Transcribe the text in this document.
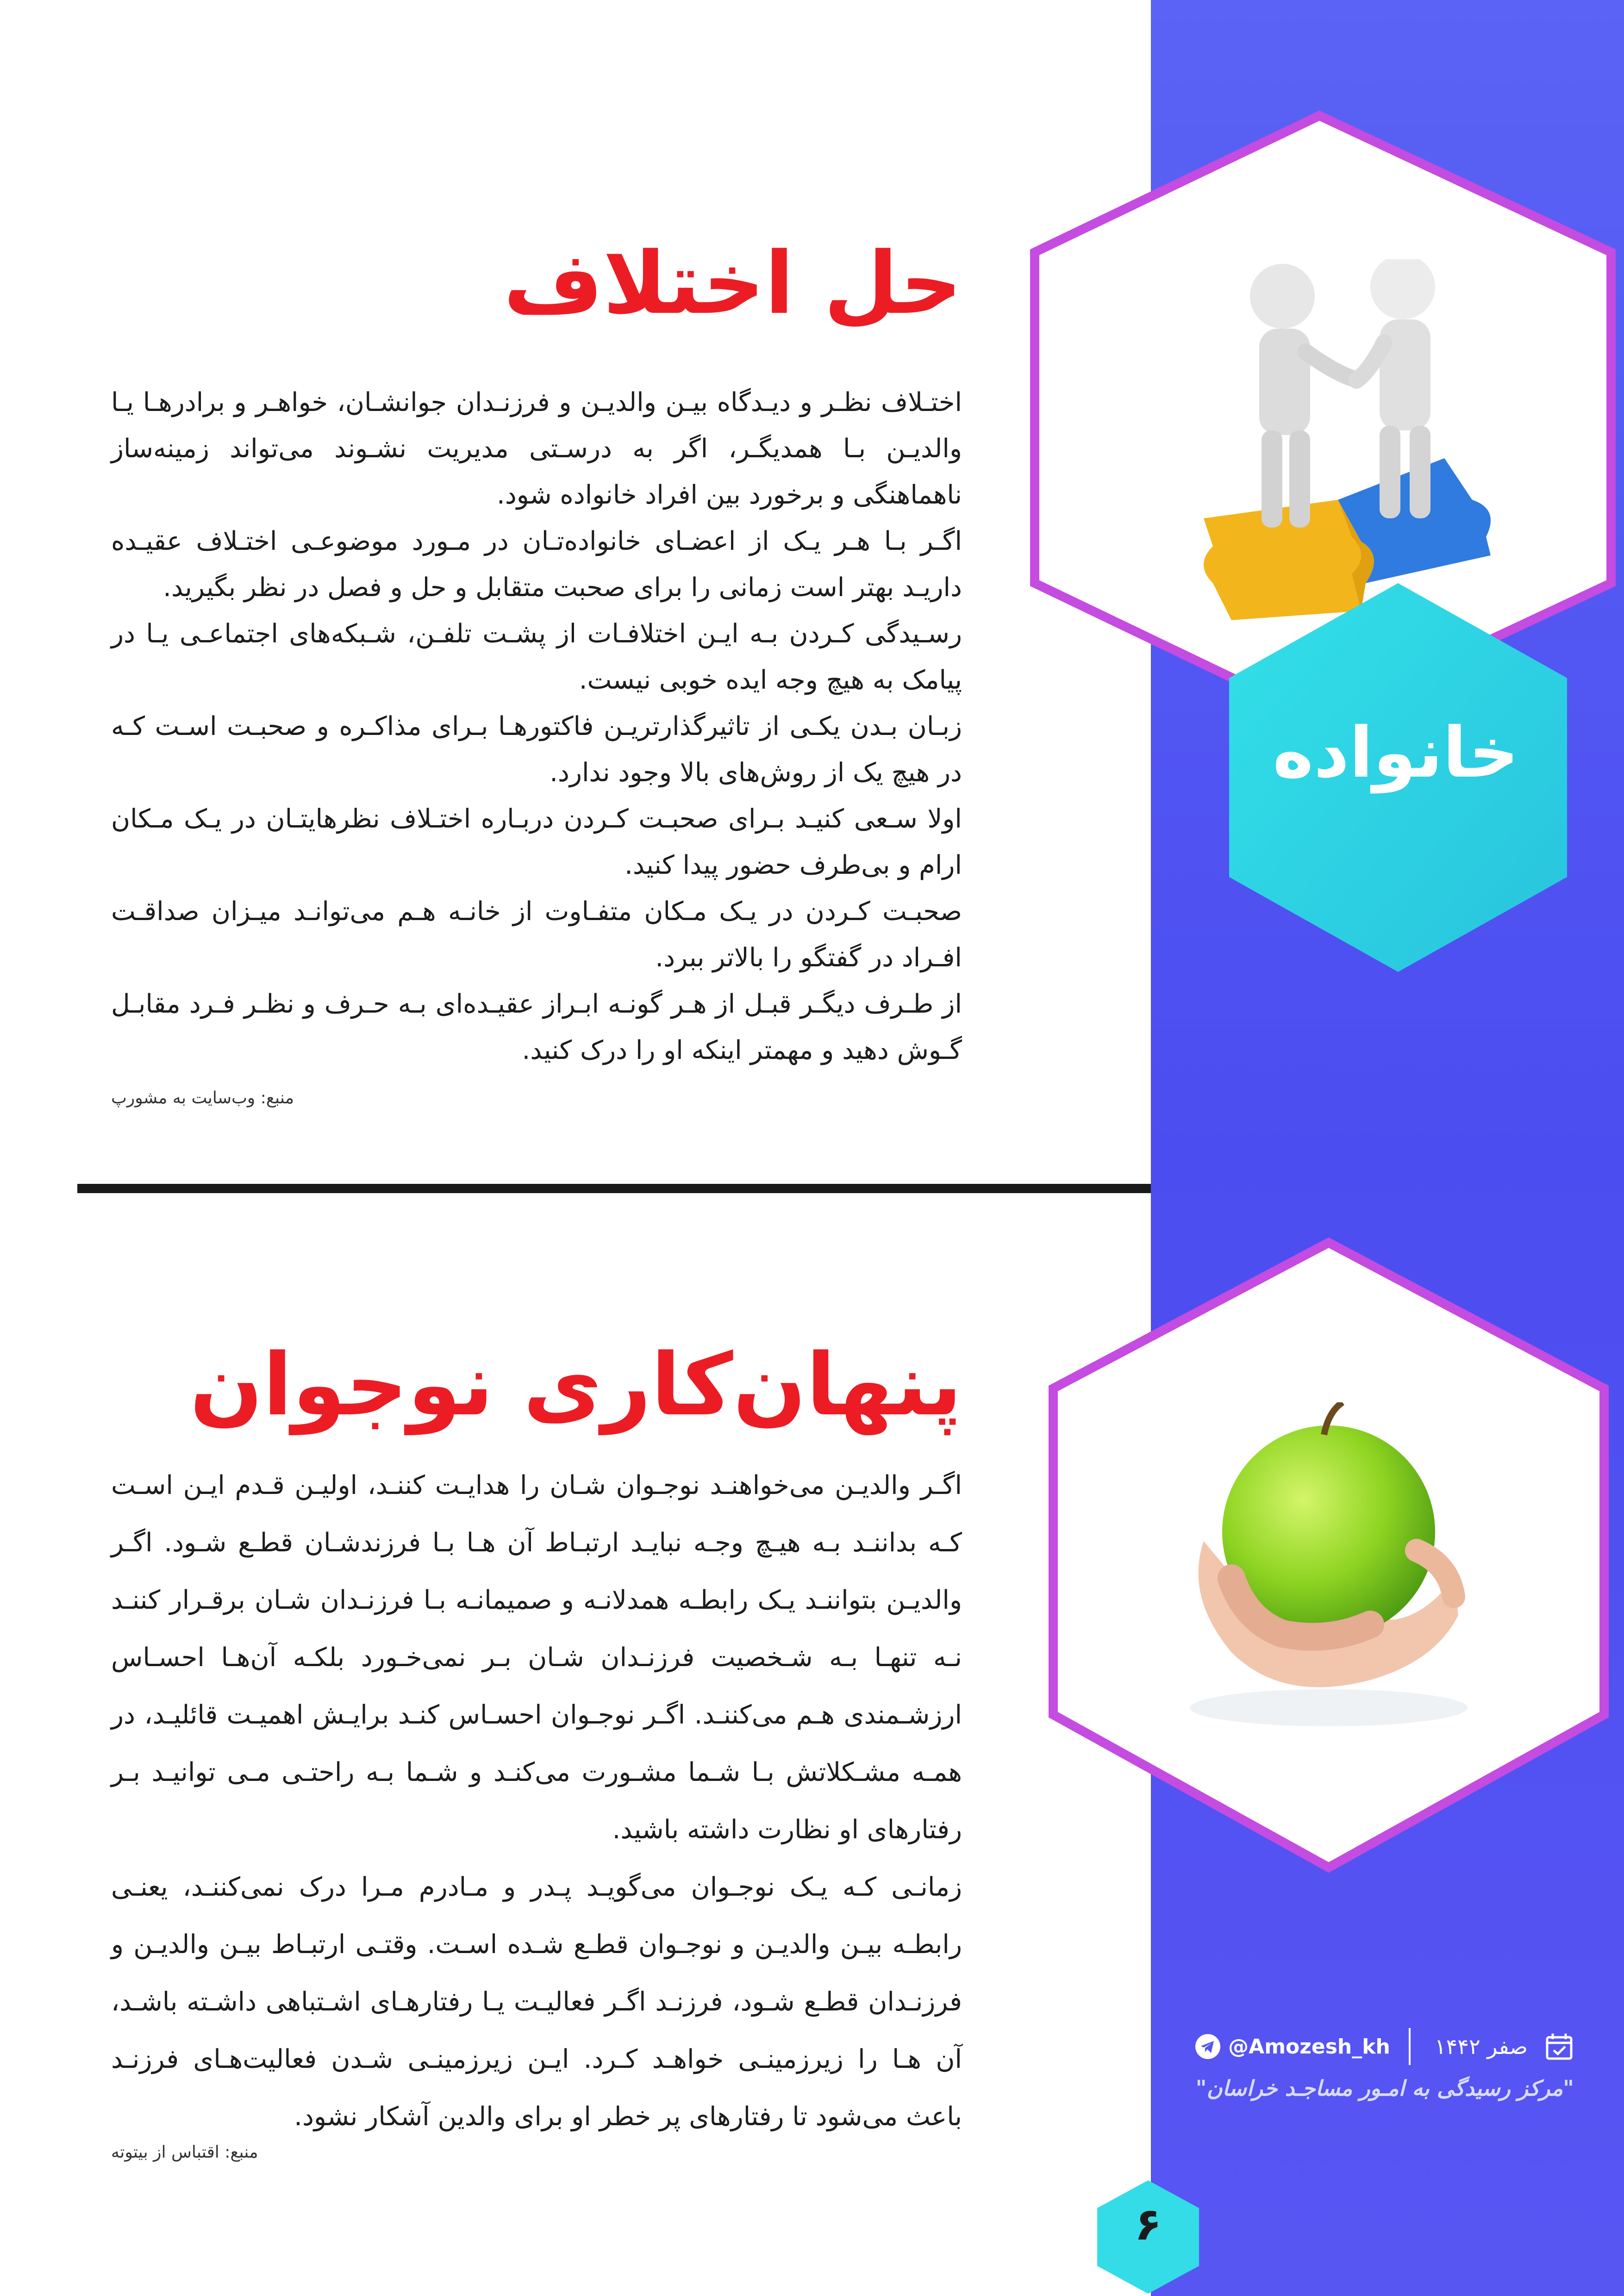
خانواده
حل اختلاف

اختـلاف نظـر و دیـدگاه بیـن والدیـن و فرزنـدان جوانشـان، خواهـر و برادرهـا یـا والدیـن بـا همدیگـر، اگر به درسـتی مدیریت نشـوند می‌تواند زمینه‌ساز ناهماهنگی و برخورد بین افراد خانواده شود.

اگـر بـا هـر یـک از اعضـای خانواده‌تـان در مـورد موضوعـی اختـلاف عقیـده داریـد بهتر است زمانی را برای صحبت متقابل و حل و فصل در نظر بگیرید.

رسـیدگی کـردن بـه ایـن اختلافـات از پشـت تلفـن، شـبکه‌های اجتماعـی یـا در پیامک به هیچ وجه ایده خوبی نیست.

زبـان بـدن یکـی از تاثیرگذارتریـن فاکتورهـا بـرای مذاکـره و صحبـت اسـت کـه در هیچ یک از روش‌های بالا وجود ندارد.

اولا سـعی کنیـد بـرای صحبـت کـردن دربـاره اختـلاف نظرهایتـان در یـک مـکان ارام و بی‌طرف حضور پیدا کنید.

صحبـت کـردن در یـک مـکان متفـاوت از خانـه هـم می‌توانـد میـزان صداقـت افـراد در گفتگو را بالاتر ببرد.

از طـرف دیگـر قبـل از هـر گونـه ابـراز عقیـده‌ای بـه حـرف و نظـر فـرد مقابـل گـوش دهید و مهمتر اینکه او را درک کنید.

منبع: وب‌سایت به مشورپ
پنهان‌کاری نوجوان

اگـر والدیـن می‌خواهنـد نوجـوان شـان را هدایـت کننـد، اولیـن قـدم ایـن اسـت کـه بداننـد بـه هیـچ وجـه نبایـد ارتبـاط آن هـا بـا فرزندشـان قطـع شـود. اگـر والدیـن بتواننـد یـک رابطـه همدلانـه و صمیمانـه بـا فرزنـدان شـان برقـرار کننـد نـه تنهـا بـه شـخصیت فرزنـدان شـان بـر نمی‌خـورد بلکـه آن‌هـا احسـاس ارزشـمندی هـم می‌کننـد. اگـر نوجـوان احسـاس کنـد برایـش اهمیـت قائلیـد، در همـه مشـکلاتش بـا شـما مشـورت می‌کنـد و شـما بـه راحتـی مـی توانیـد بـر رفتارهای او نظارت داشته باشید.

زمانـی کـه یـک نوجـوان می‌گویـد پـدر و مـادرم مـرا درک نمی‌کننـد، یعنـی رابطـه بیـن والدیـن و نوجـوان قطـع شـده اسـت. وقتـی ارتبـاط بیـن والدیـن و فرزنـدان قطـع شـود، فرزنـد اگـر فعالیـت یـا رفتارهـای اشـتباهی داشـته باشـد، آن هـا را زیرزمینـی خواهـد کـرد. ایـن زیرزمینـی شـدن فعالیت‌هـای فرزنـد باعث می‌شود تا رفتارهای پر خطر او برای والدین آشکار نشود.

منبع: اقتباس از بیتوته
صفر ۱۴۴۲
@Amozesh_kh
"مرکز رسیدگی به امـور مساجـد خراسان"
۶
